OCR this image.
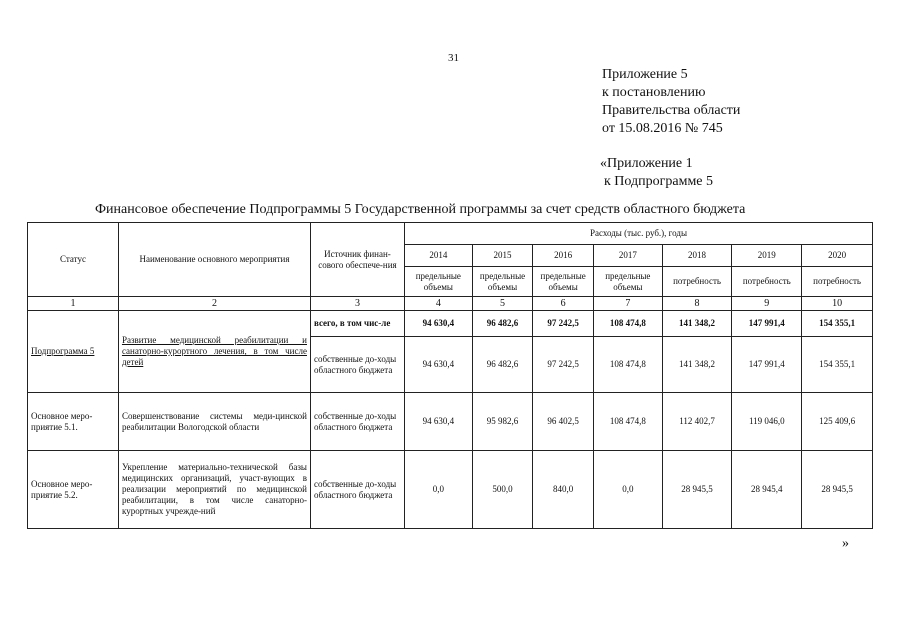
31
Приложение 5
к постановлению
Правительства области
от 15.08.2016 № 745
«Приложение 1
к Подпрограмме 5
Финансовое обеспечение Подпрограммы 5 Государственной программы за счет средств областного бюджета
Статус	Наименование основного мероприятия	Источник финан-сового обеспече-ния	Расходы (тыс. руб.), годы						
			2014	2015	2016	2017	2018	2019	2020
			предельные объемы	предельные объемы	предельные объемы	предельные объемы	потребность	потребность	потребность
1	2	3	4	5	6	7	8	9	10
Подпрограмма 5	Развитие медицинской реабилитации и санаторно-курортного лечения, в том числе детей	всего, в том чис-ле	94 630,4	96 482,6	97 242,5	108 474,8	141 348,2	147 991,4	154 355,1
		собственные до-ходы областного бюджета	94 630,4	96 482,6	97 242,5	108 474,8	141 348,2	147 991,4	154 355,1
Основное меро-приятие 5.1.	Совершенствование системы меди-цинской реабилитации Вологодской области	собственные до-ходы областного бюджета	94 630,4	95 982,6	96 402,5	108 474,8	112 402,7	119 046,0	125 409,6
Основное меро-приятие 5.2.	Укрепление материально-технической базы медицинских организаций, участ-вующих в реализации мероприятий по медицинской реабилитации, в том числе санаторно-курортных учрежде-ний	собственные до-ходы областного бюджета	0,0	500,0	840,0	0,0	28 945,5	28 945,4	28 945,5
»
